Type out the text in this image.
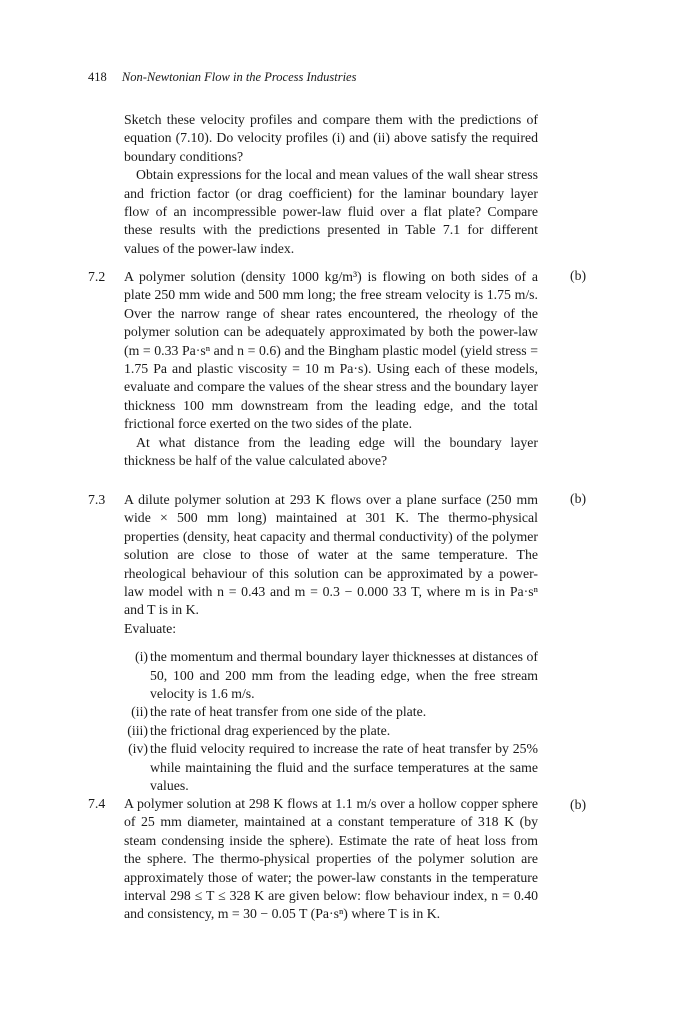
418 Non-Newtonian Flow in the Process Industries

Sketch these velocity profiles and compare them with the predictions of equation (7.10). Do velocity profiles (i) and (ii) above satisfy the required boundary conditions?

Obtain expressions for the local and mean values of the wall shear stress and friction factor (or drag coefficient) for the laminar boundary layer flow of an incompressible power-law fluid over a flat plate? Compare these results with the predictions presented in Table 7.1 for different values of the power-law index.

7.2	A polymer solution (density 1000 kg/m³) is flowing on both sides of a plate 250 mm wide and 500 mm long; the free stream velocity is 1.75 m/s. Over the narrow range of shear rates encountered, the rheology of the polymer solution can be adequately approximated by both the power-law (m = 0.33 Pa·sⁿ and n = 0.6) and the Bingham plastic model (yield stress = 1.75 Pa and plastic viscosity = 10 m Pa·s). Using each of these models, evaluate and compare the values of the shear stress and the boundary layer thickness 100 mm downstream from the leading edge, and the total frictional force exerted on the two sides of the plate.

At what distance from the leading edge will the boundary layer thickness be half of the value calculated above?

(b)
7.3	A dilute polymer solution at 293 K flows over a plane surface (250 mm wide × 500 mm long) maintained at 301 K. The thermo-physical properties (density, heat capacity and thermal conductivity) of the polymer solution are close to those of water at the same temperature. The rheological behaviour of this solution can be approximated by a power-law model with n = 0.43 and m = 0.3 − 0.000 33 T, where m is in Pa·sⁿ and T is in K.

Evaluate:

(i) the momentum and thermal boundary layer thicknesses at distances of 50, 100 and 200 mm from the leading edge, when the free stream velocity is 1.6 m/s.
(ii) the rate of heat transfer from one side of the plate.
(iii) the frictional drag experienced by the plate.
(iv) the fluid velocity required to increase the rate of heat transfer by 25% while maintaining the fluid and the surface temperatures at the same values.
(b)
7.4	A polymer solution at 298 K flows at 1.1 m/s over a hollow copper sphere of 25 mm diameter, maintained at a constant temperature of 318 K (by steam condensing inside the sphere). Estimate the rate of heat loss from the sphere. The thermo-physical properties of the polymer solution are approximately those of water; the power-law constants in the temperature interval 298 ≤ T ≤ 328 K are given below: flow behaviour index, n = 0.40 and consistency, m = 30 − 0.05 T (Pa·sⁿ) where T is in K.

(b)
